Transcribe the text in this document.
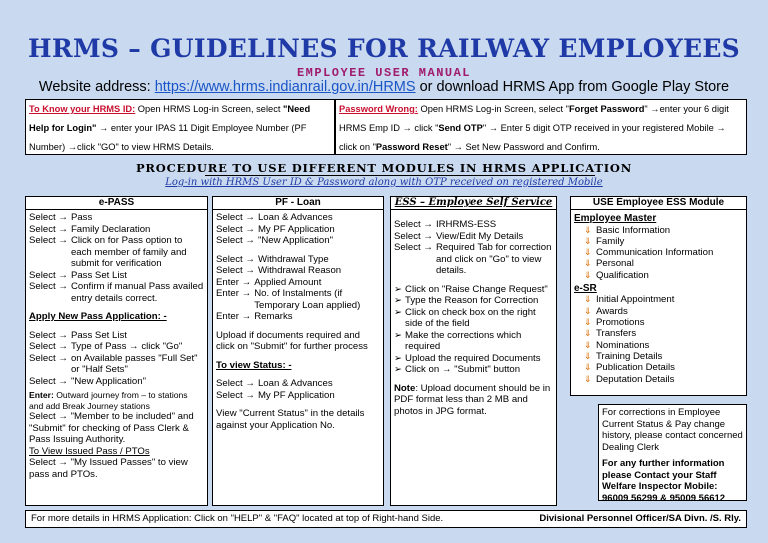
HRMS – GUIDELINES FOR RAILWAY EMPLOYEES
EMPLOYEE USER MANUAL
Website address: https://www.hrms.indianrail.gov.in/HRMS or download HRMS App from Google Play Store
To Know your HRMS ID: Open HRMS Log-in Screen, select "Need Help for Login" → enter your IPAS 11 Digit Employee Number (PF Number) →click "GO" to view HRMS Details.
Password Wrong: Open HRMS Log-in Screen, select "Forget Password" →enter your 6 digit HRMS Emp ID → click "Send OTP" → Enter 5 digit OTP received in your registered Mobile → click on "Password Reset" → Set New Password and Confirm.
PROCEDURE TO USE DIFFERENT MODULES IN HRMS APPLICATION
Log-in with HRMS User ID & Password along with OTP received on registered Mobile
e-PASS
Select → Pass
Select → Family Declaration
Select → Click on for Pass option to each member of family and submit for verification
Select → Pass Set List
Select → Confirm if manual Pass availed entry details correct.
Apply New Pass Application: -
Select → Pass Set List
Select → Type of Pass → click "Go"
Select → on Available passes "Full Set" or "Half Sets"
Select → "New Application"
Enter: Outward journey from – to stations and add Break Journey stations
Select → "Member to be included" and "Submit" for checking of Pass Clerk & Pass Issuing Authority.
To View Issued Pass / PTOs
Select → "My Issued Passes" to view pass and PTOs.
PF - Loan
Select → Loan & Advances
Select → My PF Application
Select → "New Application"
Select → Withdrawal Type
Select → Withdrawal Reason
Enter → Applied Amount
Enter → No. of Instalments (if Temporary Loan applied)
Enter → Remarks
Upload if documents required and click on "Submit" for further process
To view Status: -
Select → Loan & Advances
Select → My PF Application
View "Current Status" in the details against your Application No.
ESS – Employee Self Service
Select → IRHRMS-ESS
Select → View/Edit My Details
Select → Required Tab for correction and click on "Go" to view details.
➢ Click on "Raise Change Request"
➢ Type the Reason for Correction
➢ Click on check box on the right side of the field
➢ Make the corrections which required
➢ Upload the required Documents
➢ Click on → "Submit" button
Note: Upload document should be in PDF format less than 2 MB and photos in JPG format.
USE Employee ESS Module
Employee Master
⇓ Basic Information
⇓ Family
⇓ Communication Information
⇓ Personal
⇓ Qualification
e-SR
⇓ Initial Appointment
⇓ Awards
⇓ Promotions
⇓ Transfers
⇓ Nominations
⇓ Training Details
⇓ Publication Details
⇓ Deputation Details
For corrections in Employee Current Status & Pay change history, please contact concerned Dealing Clerk
For any further information please Contact your Staff Welfare Inspector Mobile: 96009 56299 & 95009 56612
For more details in HRMS Application: Click on "HELP" & "FAQ" located at top of Right-hand Side.	Divisional Personnel Officer/SA Divn. /S. Rly.
